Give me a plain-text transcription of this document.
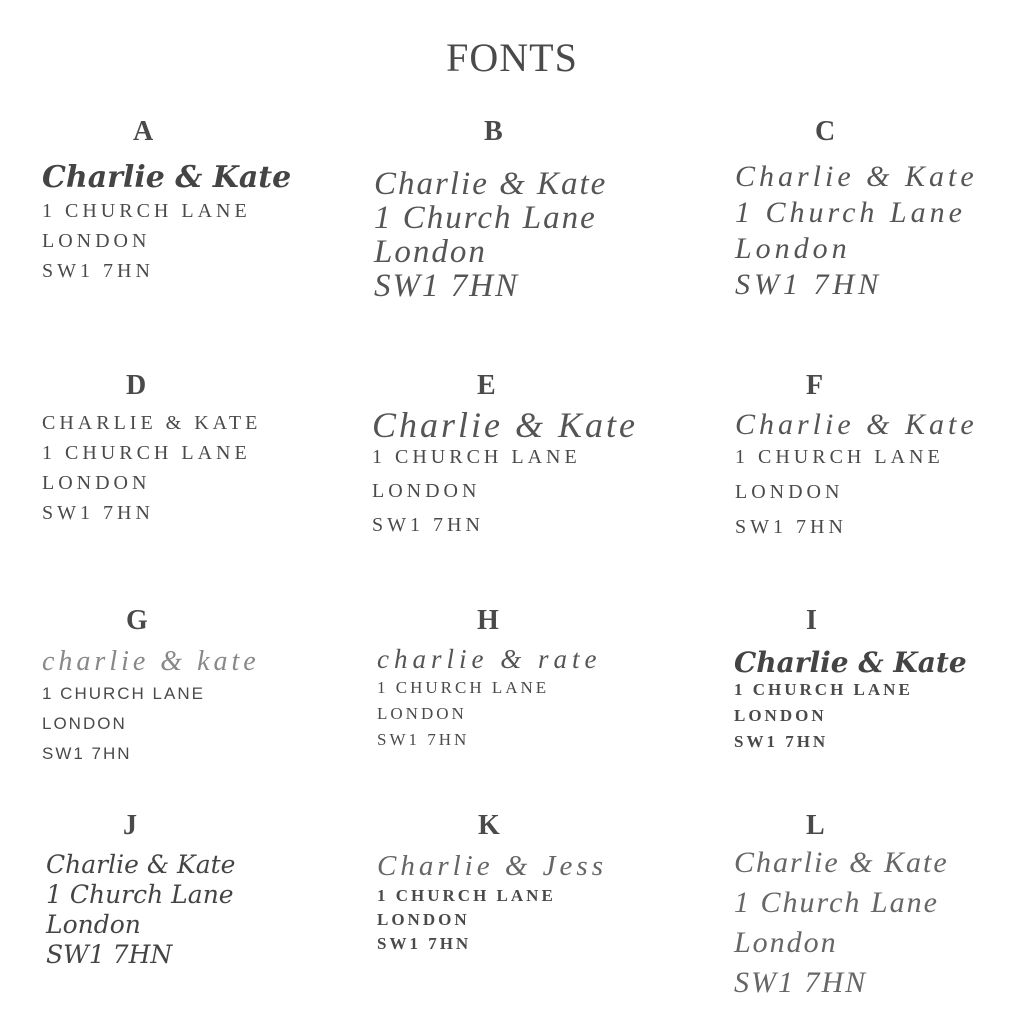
FONTS
A
Charlie & Kate
1 CHURCH LANE
LONDON
SW1 7HN
B
Charlie & Kate
1 Church Lane
London
SW1 7HN
C
Charlie & Kate
1 Church Lane
London
SW1 7HN
D
CHARLIE & KATE
1 CHURCH LANE
LONDON
SW1 7HN
E
Charlie & Kate
1 CHURCH LANE
LONDON
SW1 7HN
F
Charlie & Kate
1 CHURCH LANE
LONDON
SW1 7HN
G
charlie & kate
1 CHURCH LANE
LONDON
SW1 7HN
H
charlie & rate
1 CHURCH LANE
LONDON
SW1 7HN
I
Charlie & Kate
1 CHURCH LANE
LONDON
SW1 7HN
J
Charlie & Kate
1 Church Lane
London
SW1 7HN
K
Charlie & Jess
1 CHURCH LANE
LONDON
SW1 7HN
L
Charlie & Kate
1 Church Lane
London
SW1 7HN
